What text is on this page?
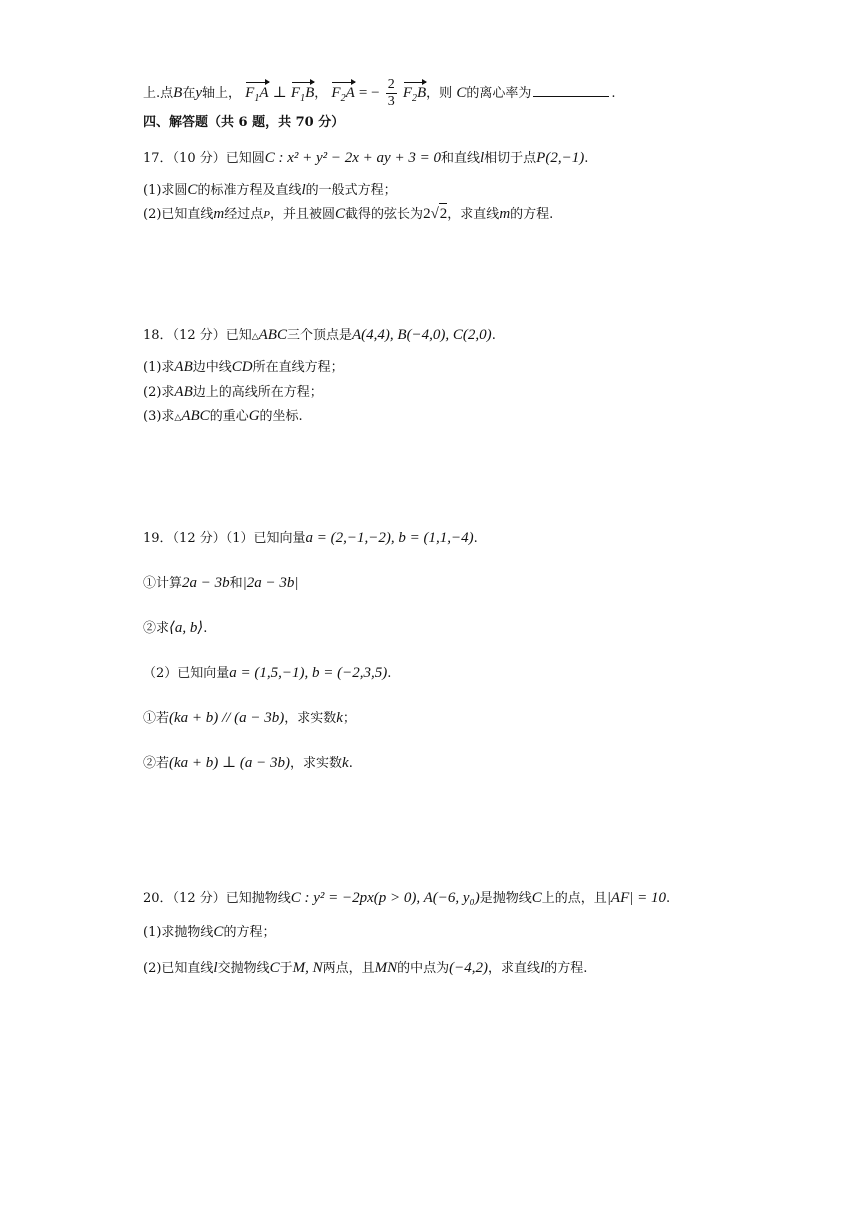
上.点B在y轴上， $F_1A$ ⊥ $F_1B$， $F_2A$ = − $\frac{2}{3} F_2B$，则 C的离心率为	.
四、解答题（共 6 题，共 70 分）
17．（10 分）已知圆C : x² + y² − 2x + ay + 3 = 0和直线l相切于点P(2,−1).
(1)求圆C的标准方程及直线l的一般式方程；
(2)已知直线m经过点P，并且被圆C截得的弦长为2√2，求直线m的方程.
18．（12 分）已知△ABC三个顶点是A(4,4), B(−4,0), C(2,0).
(1)求AB边中线CD所在直线方程；
(2)求AB边上的高线所在方程；
(3)求△ABC的重心G的坐标.
19．（12 分）（1）已知向量a = (2,−1,−2), b = (1,1,−4).
①计算2a − 3b和|2a − 3b|
②求⟨a, b⟩.
（2）已知向量a = (1,5,−1), b = (−2,3,5).
①若(ka + b) // (a − 3b)，求实数k；
②若(ka + b) ⊥ (a − 3b)，求实数k.
20．（12 分）已知抛物线C : y² = −2px(p > 0), A(−6, y₀)是抛物线C上的点，且|AF| = 10.
(1)求抛物线C的方程；
(2)已知直线l交抛物线C于M, N两点，且MN的中点为(−4,2)，求直线l的方程.
